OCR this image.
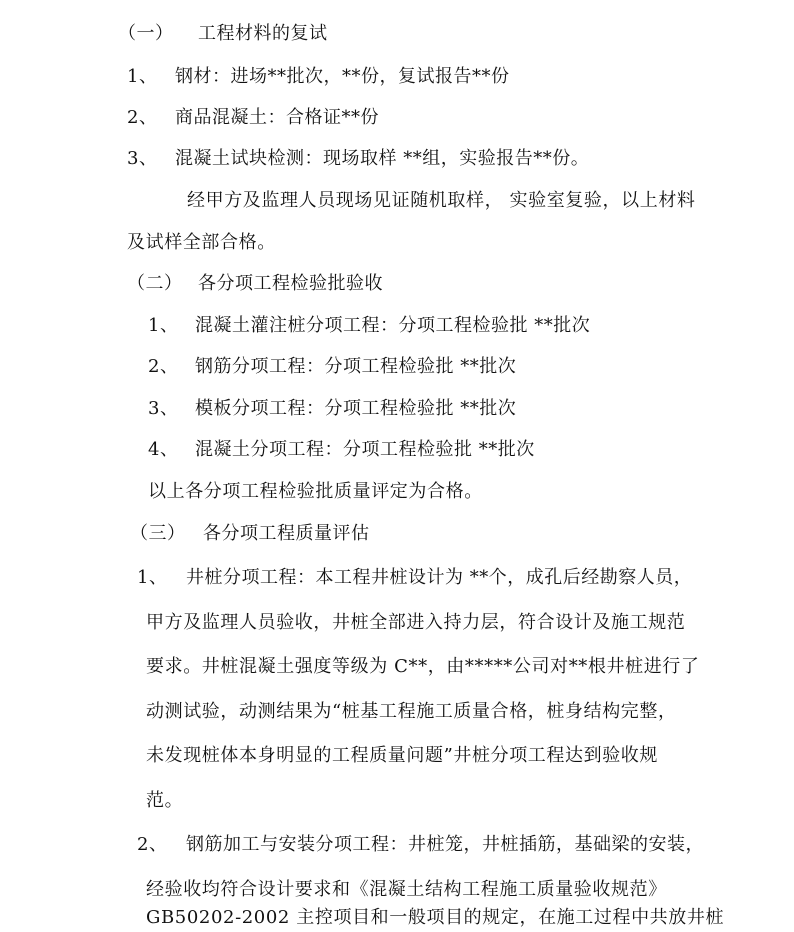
（一） 工程材料的复试
1、 钢材：进场**批次，**份，复试报告**份
2、 商品混凝土：合格证**份
3、 混凝土试块检测：现场取样 **组，实验报告**份。
经甲方及监理人员现场见证随机取样， 实验室复验，以上材料
及试样全部合格。
（二） 各分项工程检验批验收
1、 混凝土灌注桩分项工程：分项工程检验批 **批次
2、 钢筋分项工程：分项工程检验批 **批次
3、 模板分项工程：分项工程检验批 **批次
4、 混凝土分项工程：分项工程检验批 **批次
以上各分项工程检验批质量评定为合格。
（三） 各分项工程质量评估
1、 井桩分项工程：本工程井桩设计为 **个，成孔后经勘察人员，
甲方及监理人员验收，井桩全部进入持力层，符合设计及施工规范
要求。井桩混凝土强度等级为 C**，由*****公司对**根井桩进行了
动测试验，动测结果为“桩基工程施工质量合格，桩身结构完整，
未发现桩体本身明显的工程质量问题”井桩分项工程达到验收规
范。
2、 钢筋加工与安装分项工程：井桩笼，井桩插筋，基础梁的安装，
经验收均符合设计要求和《混凝土结构工程施工质量验收规范》
GB50202-2002 主控项目和一般项目的规定，在施工过程中共放井桩
